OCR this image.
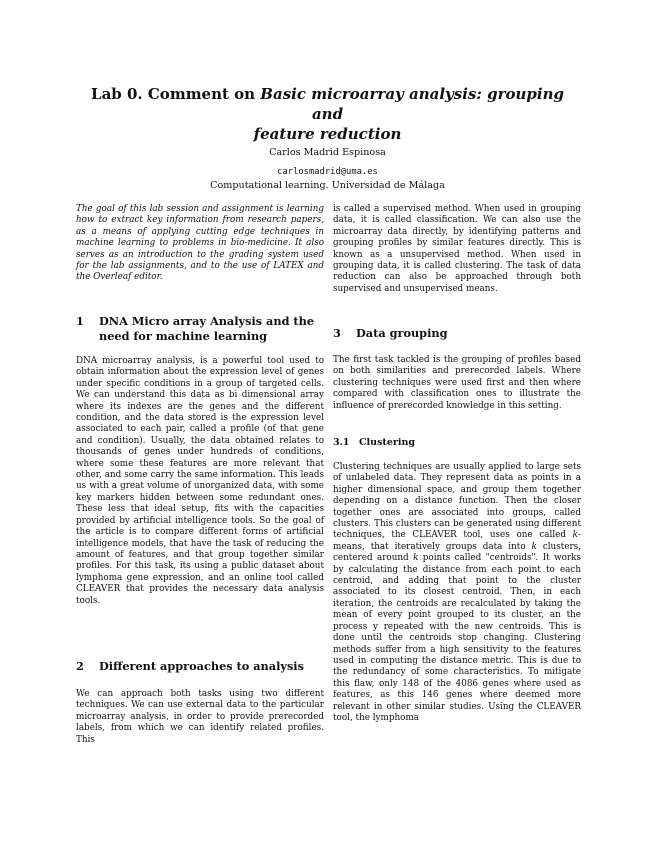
Lab 0. Comment on Basic microarray analysis: grouping and
feature reduction
Carlos Madrid Espinosa
carlosmadrid@uma.es
Computational learning. Universidad de Málaga
The goal of this lab session and assignment is learning how to extract key information from research papers, as a means of applying cutting edge techniques in machine learning to problems in bio-medicine. It also serves as an introduction to the grading system used for the lab assignments, and to the use of LATEX and the Overleaf editor.
1 DNA Micro array Analysis and the
need for machine learning

DNA microarray analysis, is a powerful tool used to obtain information about the expression level of genes under specific conditions in a group of targeted cells. We can understand this data as bi dimensional array where its indexes are the genes and the different condition, and the data stored is the expression level associated to each pair, called a profile (of that gene and condition). Usually, the data obtained relates to thousands of genes under hundreds of conditions, where some these features are more relevant that other, and some carry the same information. This leads us with a great volume of unorganized data, with some key markers hidden between some redundant ones. These less that ideal setup, fits with the capacities provided by artificial intelligence tools. So the goal of the article is to compare different forms of artificial intelligence models, that have the task of reducing the amount of features, and that group together similar profiles. For this task, its using a public dataset about lymphoma gene expression, and an online tool called CLEAVER that provides the necessary data analysis tools.

2 Different approaches to analysis

We can approach both tasks using two different techniques. We can use external data to the particular microarray analysis, in order to provide prerecorded labels, from which we can identify related profiles. This

is called a supervised method. When used in grouping data, it is called classification. We can also use the microarray data directly, by identifying patterns and grouping profiles by similar features directly. This is known as a unsupervised method. When used in grouping data, it is called clustering. The task of data reduction can also be approached through both supervised and unsupervised means.

3 Data grouping

The first task tackled is the grouping of profiles based on both similarities and prerecorded labels. Where clustering techniques were used first and then where compared with classification ones to illustrate the influence of prerecorded knowledge in this setting.

3.1 Clustering

Clustering techniques are usually applied to large sets of unlabeled data. They represent data as points in a higher dimensional space, and group them together depending on a distance function. Then the closer together ones are associated into groups, called clusters. This clusters can be generated using different techniques, the CLEAVER tool, uses one called k-means, that iteratively groups data into k clusters, centered around k points called "centroids". It works by calculating the distance from each point to each centroid, and adding that point to the cluster associated to its closest centroid. Then, in each iteration, the centroids are recalculated by taking the mean of every point grouped to its cluster, an the process y repeated with the new centroids. This is done until the centroids stop changing. Clustering methods suffer from a high sensitivity to the features used in computing the distance metric. This is due to the redundancy of some characteristics. To mitigate this flaw, only 148 of the 4086 genes where used as features, as this 146 genes where deemed more relevant in other similar studies. Using the CLEAVER tool, the lymphoma
